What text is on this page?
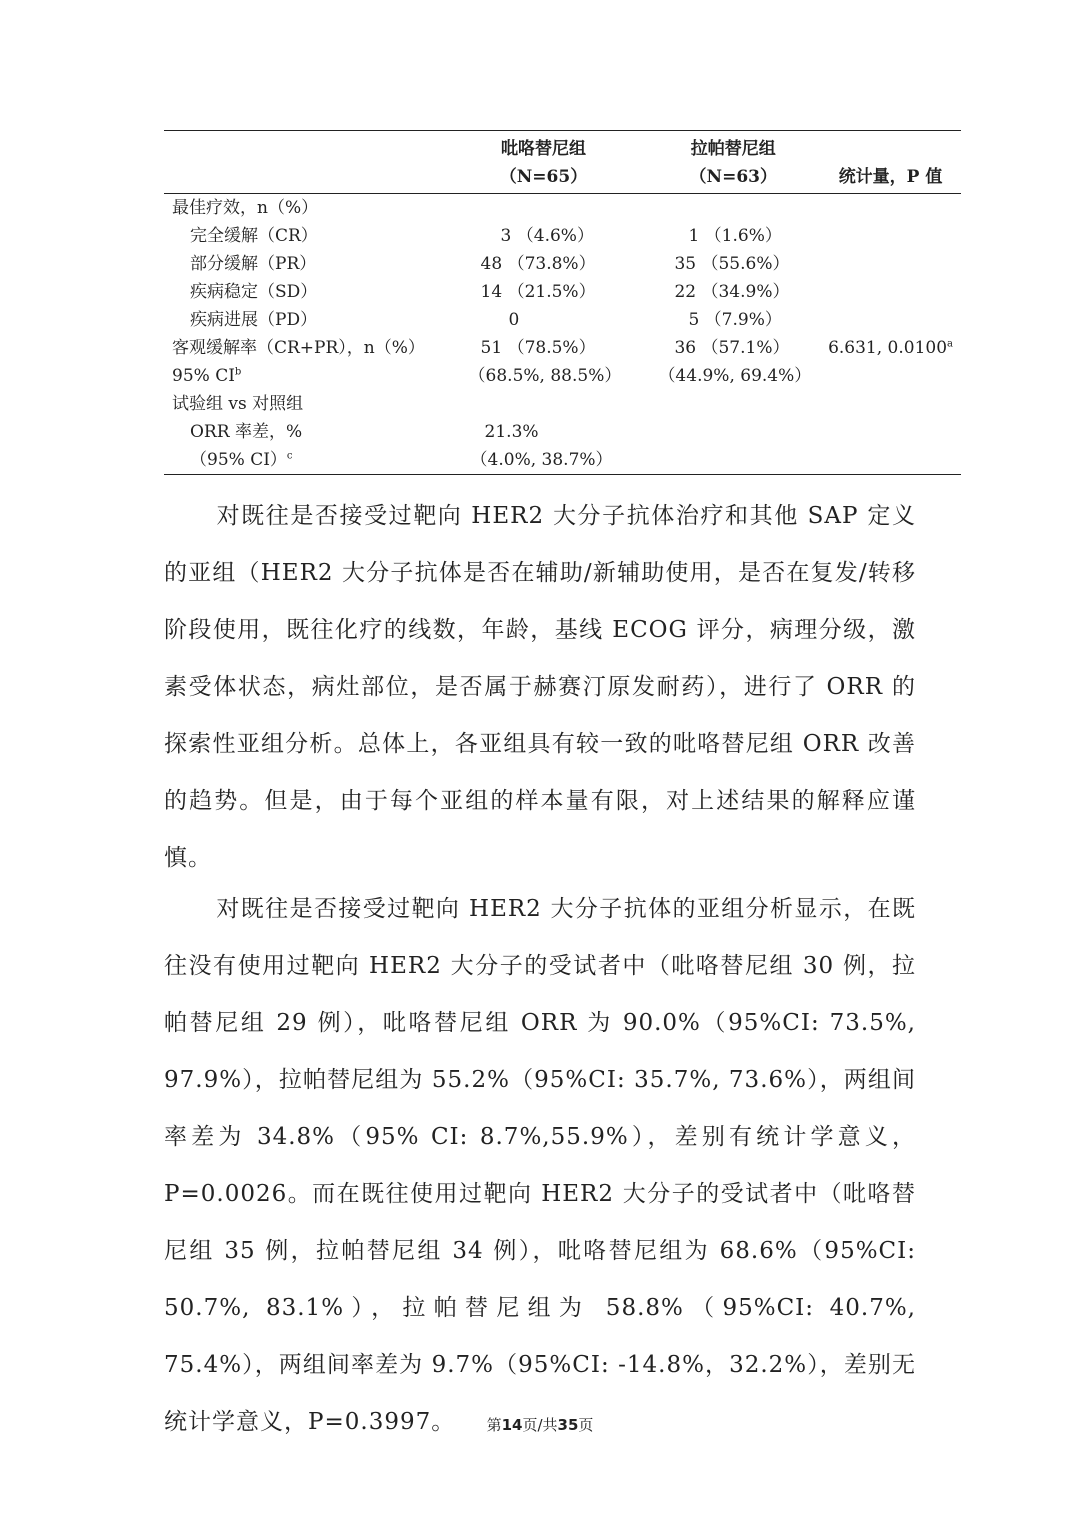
	吡咯替尼组	拉帕替尼组	
	（N=65）	（N=63）	统计量，P 值
最佳疗效，n（%）			
完全缓解（CR）	3 （4.6%）	1 （1.6%）	
部分缓解（PR）	48 （73.8%）	35 （55.6%）	
疾病稳定（SD）	14 （21.5%）	22 （34.9%）	
疾病进展（PD）	0	5 （7.9%）	
客观缓解率（CR+PR），n（%）	51 （78.5%）	36 （57.1%）	6.631, 0.0100$^a$
95% $CI^b$	（68.5%, 88.5%）	（44.9%, 69.4%）	
试验组 vs 对照组			
ORR 率差，%	21.3%		
（95% CI）$^c$	（4.0%, 38.7%）		

对既往是否接受过靶向 HER2 大分子抗体治疗和其他 SAP 定义的亚组（HER2 大分子抗体是否在辅助/新辅助使用，是否在复发/转移阶段使用，既往化疗的线数，年龄，基线 ECOG 评分，病理分级，激素受体状态，病灶部位，是否属于赫赛汀原发耐药），进行了 ORR 的探索性亚组分析。总体上，各亚组具有较一致的吡咯替尼组 ORR 改善的趋势。但是，由于每个亚组的样本量有限，对上述结果的解释应谨慎。

对既往是否接受过靶向 HER2 大分子抗体的亚组分析显示，在既往没有使用过靶向 HER2 大分子的受试者中（吡咯替尼组 30 例，拉帕替尼组 29 例），吡咯替尼组 ORR 为 90.0%（95%CI: 73.5%, 97.9%），拉帕替尼组为 55.2%（95%CI: 35.7%, 73.6%），两组间率差为 34.8%（95% CI: 8.7%,55.9%），差别有统计学意义，P=0.0026。而在既往使用过靶向 HER2 大分子的受试者中（吡咯替尼组 35 例，拉帕替尼组 34 例），吡咯替尼组为 68.6%（95%CI: 50.7%, 83.1%），拉帕替尼组为 58.8%（95%CI: 40.7%, 75.4%），两组间率差为 9.7%（95%CI: -14.8%，32.2%），差别无统计学意义，P=0.3997。	第14页/共35页
